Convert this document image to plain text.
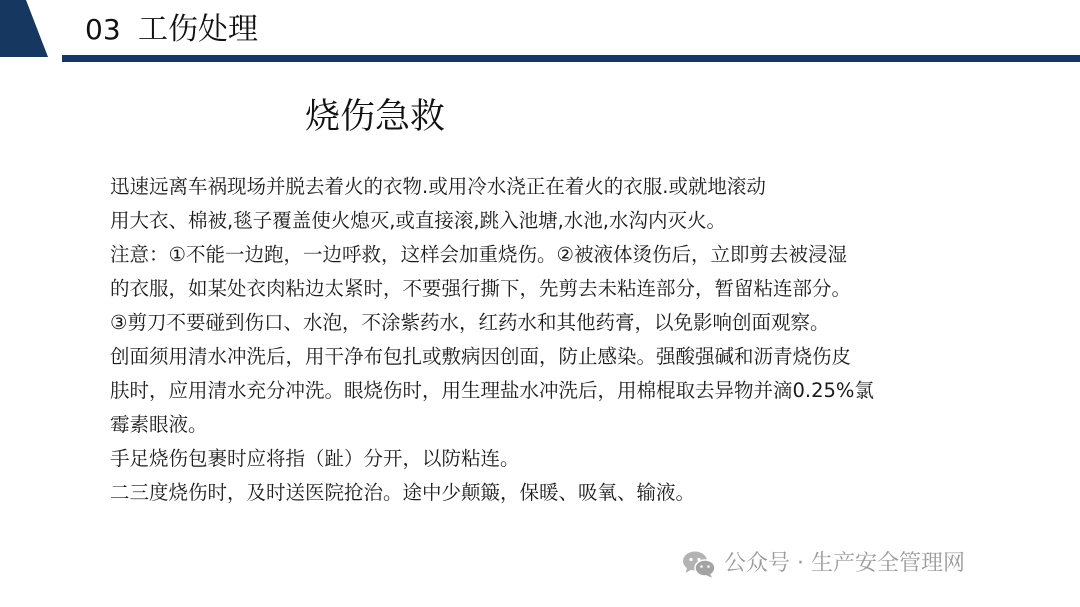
03 工伤处理
烧伤急救
迅速远离车祸现场并脱去着火的衣物.或用冷水浇正在着火的衣服.或就地滚动
用大衣、棉被,毯子覆盖使火熄灭,或直接滚,跳入池塘,水池,水沟内灭火。
注意：①不能一边跑，一边呼救，这样会加重烧伤。②被液体烫伤后，立即剪去被浸湿
的衣服，如某处衣肉粘边太紧时，不要强行撕下，先剪去未粘连部分，暂留粘连部分。
③剪刀不要碰到伤口、水泡，不涂紫药水，红药水和其他药膏，以免影响创面观察。
创面须用清水冲洗后，用干净布包扎或敷病因创面，防止感染。强酸强碱和沥青烧伤皮
肤时，应用清水充分冲洗。眼烧伤时，用生理盐水冲洗后，用棉棍取去异物并滴0.25%氯
霉素眼液。
手足烧伤包裹时应将指（趾）分开，以防粘连。
二三度烧伤时，及时送医院抢治。途中少颠簸，保暖、吸氧、输液。
公众号 · 生产安全管理网
